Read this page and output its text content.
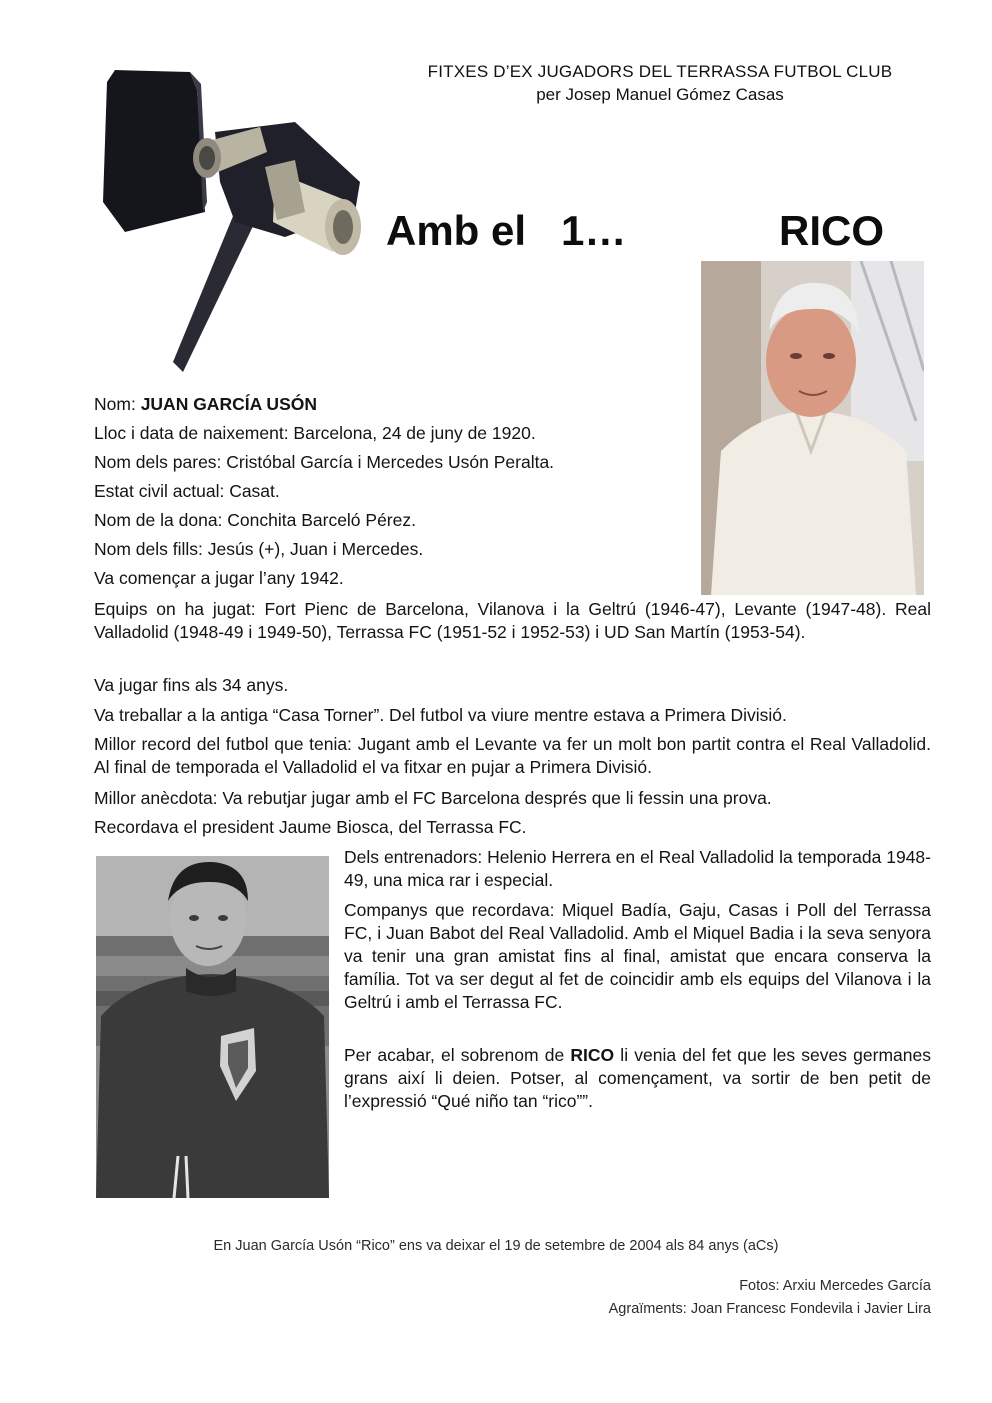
FITXES D’EX JUGADORS DEL TERRASSA FUTBOL CLUB
per Josep Manuel Gómez Casas
Amb el   1…	RICO
Nom: JUAN GARCÍA USÓN
Lloc i data de naixement: Barcelona, 24 de juny de 1920.
Nom dels pares: Cristóbal García i Mercedes Usón Peralta.
Estat civil actual: Casat.
Nom de la dona: Conchita Barceló Pérez.
Nom dels fills: Jesús (+), Juan i Mercedes.
Va començar a jugar l’any 1942.
Equips on ha jugat: Fort Pienc de Barcelona, Vilanova i la Geltrú (1946-47), Levante (1947-48). Real Valladolid (1948-49 i 1949-50), Terrassa FC (1951-52 i 1952-53) i UD San Martín (1953-54).
Va jugar fins als 34 anys.
Va treballar a la antiga “Casa Torner”. Del futbol va viure mentre estava a Primera Divisió.
Millor record del futbol que tenia: Jugant amb el Levante va fer un molt bon partit contra el Real Valladolid. Al final de temporada el Valladolid el va fitxar en pujar a Primera Divisió.
Millor anècdota: Va rebutjar jugar amb el FC Barcelona després que li fessin una prova.
Recordava el president Jaume Biosca, del Terrassa FC.
Dels entrenadors: Helenio Herrera en el Real Valladolid la temporada 1948-49, una mica rar i especial.
Companys que recordava: Miquel Badía, Gaju, Casas i Poll del Terrassa FC, i Juan Babot del Real Valladolid. Amb el Miquel Badia i la seva senyora va tenir una gran amistat fins al final, amistat que encara conserva la família. Tot va ser degut al fet de coincidir amb els equips del Vilanova i la Geltrú i amb el Terrassa FC.
Per acabar, el sobrenom de RICO li venia del fet que les seves germanes grans així li deien. Potser, al començament, va sortir de ben petit de l’expressió “Qué niño tan “rico””.
En Juan García Usón “Rico” ens va deixar el 19 de setembre de 2004 als 84 anys (aCs)
Fotos: Arxiu Mercedes García
Agraïments: Joan Francesc Fondevila i Javier Lira
